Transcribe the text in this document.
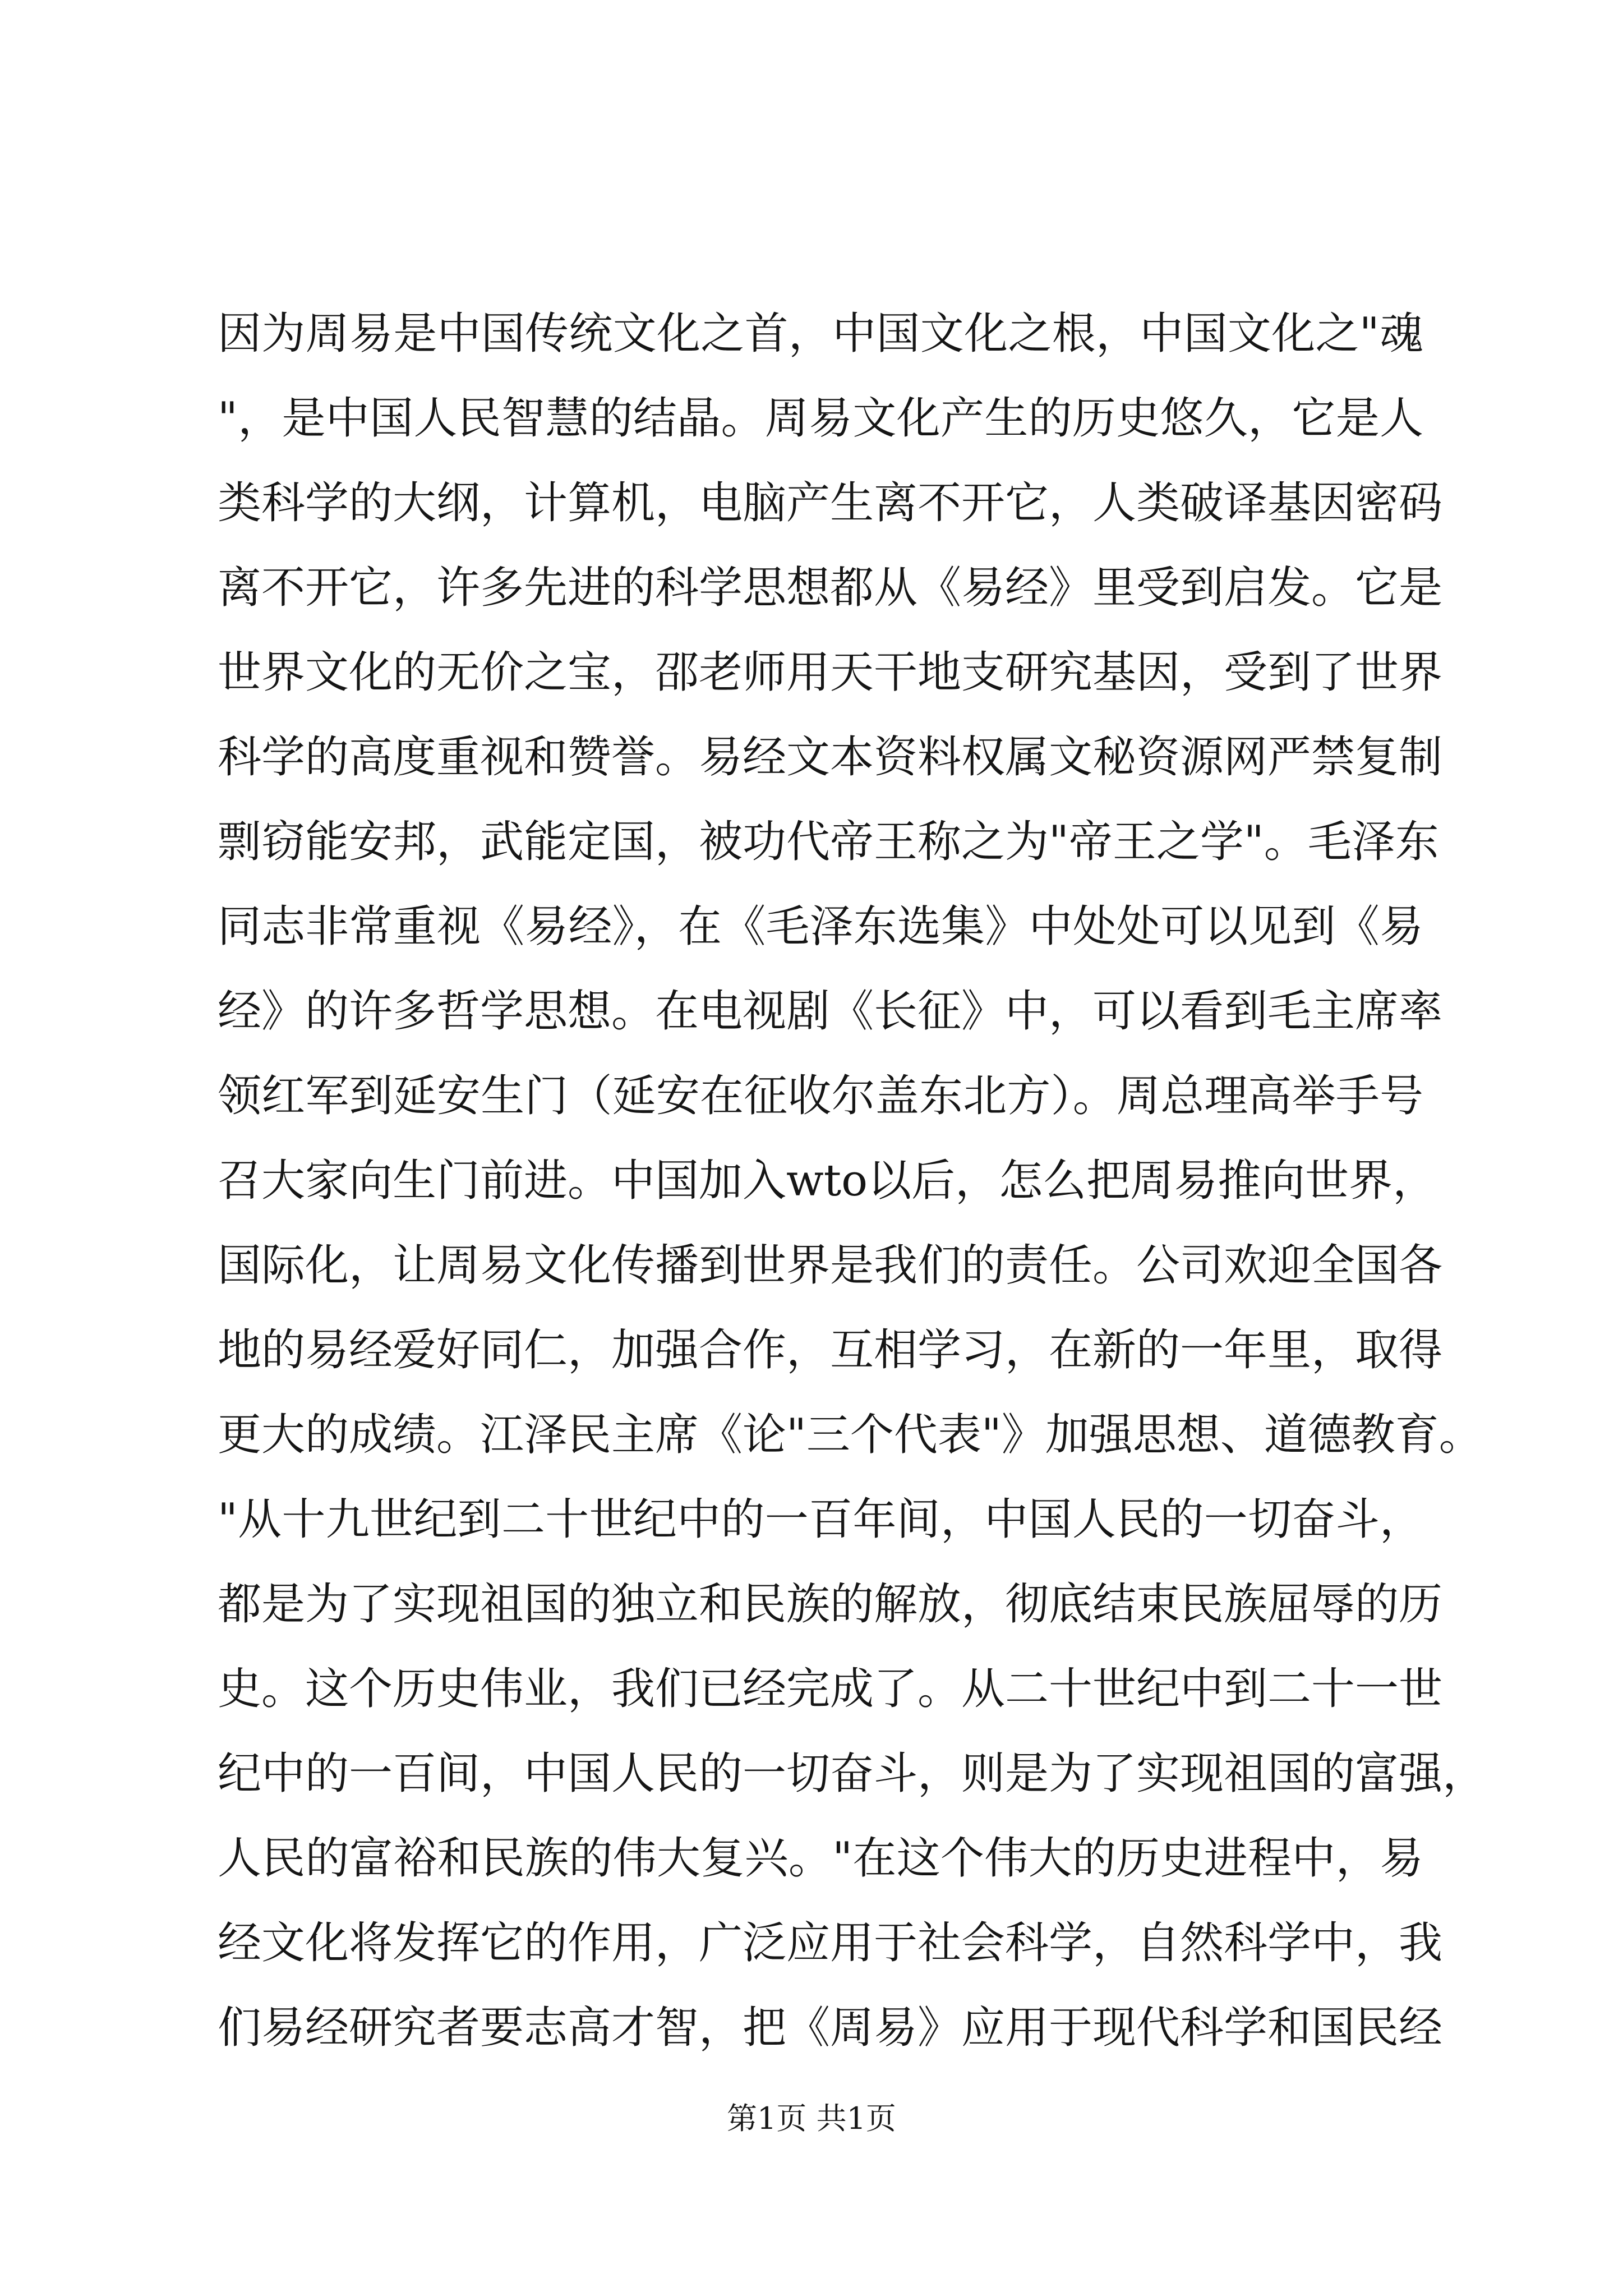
因为周易是中国传统文化之首，中国文化之根，中国文化之"魂
"，是中国人民智慧的结晶。周易文化产生的历史悠久，它是人
类科学的大纲，计算机，电脑产生离不开它，人类破译基因密码
离不开它，许多先进的科学思想都从《易经》里受到启发。它是
世界文化的无价之宝，邵老师用天干地支研究基因，受到了世界
科学的高度重视和赞誉。易经文本资料权属文秘资源网严禁复制
剽窃能安邦，武能定国，被功代帝王称之为"帝王之学"。毛泽东
同志非常重视《易经》，在《毛泽东选集》中处处可以见到《易
经》的许多哲学思想。在电视剧《长征》中，可以看到毛主席率
领红军到延安生门（延安在征收尔盖东北方）。周总理高举手号
召大家向生门前进。中国加入wto以后，怎么把周易推向世界，
国际化，让周易文化传播到世界是我们的责任。公司欢迎全国各
地的易经爱好同仁，加强合作，互相学习，在新的一年里，取得
更大的成绩。江泽民主席《论"三个代表"》加强思想、道德教育。
"从十九世纪到二十世纪中的一百年间，中国人民的一切奋斗，
都是为了实现祖国的独立和民族的解放，彻底结束民族屈辱的历
史。这个历史伟业，我们已经完成了。从二十世纪中到二十一世
纪中的一百间，中国人民的一切奋斗，则是为了实现祖国的富强，
人民的富裕和民族的伟大复兴。"在这个伟大的历史进程中，易
经文化将发挥它的作用，广泛应用于社会科学，自然科学中，我
们易经研究者要志高才智，把《周易》应用于现代科学和国民经
第1页 共1页
